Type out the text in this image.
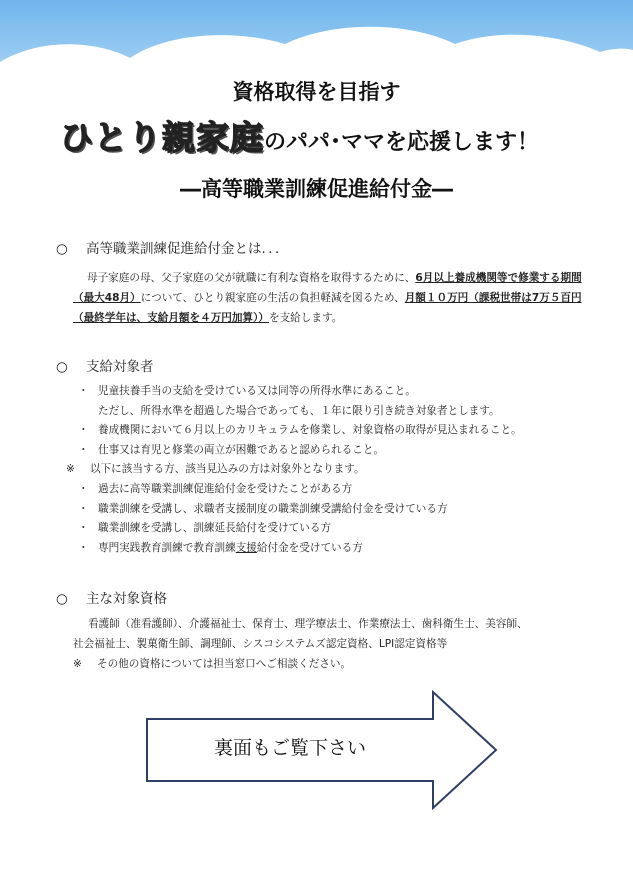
資格取得を目指す
ひとり親家庭のパパ･ママを応援します！
―高等職業訓練促進給付金―
○ 高等職業訓練促進給付金とは．．．
母子家庭の母、父子家庭の父が就職に有利な資格を取得するために、6月以上養成機関等で修業する期間（最大48月）について、ひとり親家庭の生活の負担軽減を図るため、月額１０万円（課税世帯は7万５百円（最終学年は、支給月額を４万円加算））を支給します。
○ 支給対象者
・ 児童扶養手当の支給を受けている又は同等の所得水準にあること。
ただし、所得水準を超過した場合であっても、１年に限り引き続き対象者とします。
・ 養成機関において６月以上のカリキュラムを修業し、対象資格の取得が見込まれること。
・ 仕事又は育児と修業の両立が困難であると認められること。
※ 以下に該当する方、該当見込みの方は対象外となります。
・ 過去に高等職業訓練促進給付金を受けたことがある方
・ 職業訓練を受講し、求職者支援制度の職業訓練受講給付金を受けている方
・ 職業訓練を受講し、訓練延長給付を受けている方
・ 専門実践教育訓練で教育訓練支援給付金を受けている方
○ 主な対象資格
看護師（准看護師）、介護福祉士、保育士、理学療法士、作業療法士、歯科衛生士、美容師、
社会福祉士、製菓衛生師、調理師、シスコシステムズ認定資格、LPI認定資格等
※ その他の資格については担当窓口へご相談ください。
裏面もご覧下さい
